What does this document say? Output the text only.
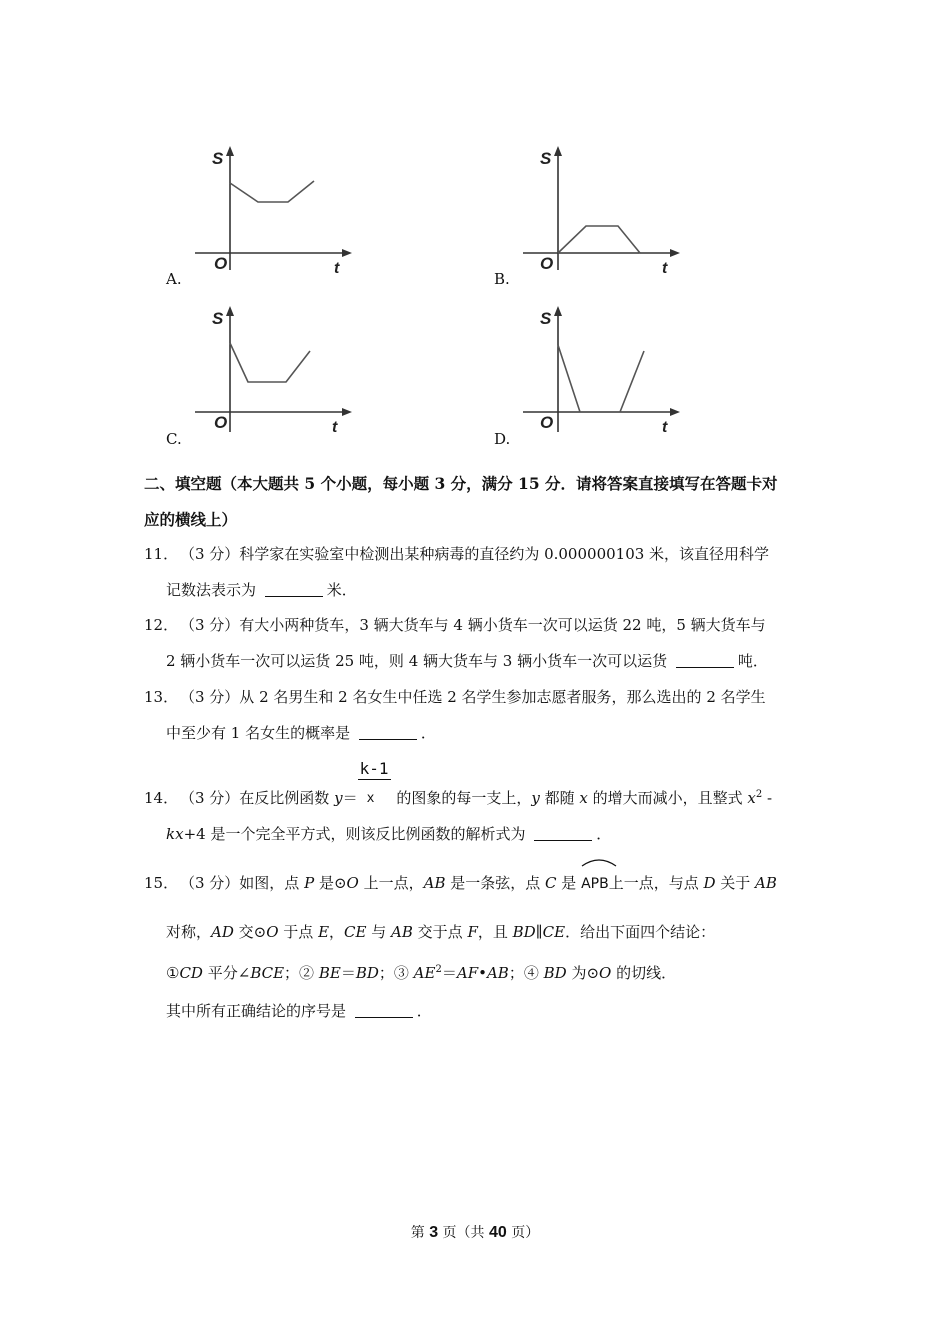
S
O	t
A.
S
O	t
B.
S
O	t
C.
S
O	t
D.
二、填空题（本大题共 5 个小题，每小题 3 分，满分 15 分．请将答案直接填写在答题卡对
应的横线上）
11． （3 分）科学家在实验室中检测出某种病毒的直径约为 0.000000103 米，该直径用科学
记数法表示为	米．
12． （3 分）有大小两种货车，3 辆大货车与 4 辆小货车一次可以运货 22 吨，5 辆大货车与
2 辆小货车一次可以运货 25 吨，则 4 辆大货车与 3 辆小货车一次可以运货	吨．
13． （3 分）从 2 名男生和 2 名女生中任选 2 名学生参加志愿者服务，那么选出的 2 名学生
中至少有 1 名女生的概率是	．
14． （3 分）在反比例函数 $y= \frac{k-1}{x}$ 的图象的每一支上，y 都随 x 的增大而减小，且整式 $x^2$ -
kx+4 是一个完全平方式，则该反比例函数的解析式为	．
15． （3 分）如图，点 P 是⊙O 上一点，AB 是一条弦，点 C 是
APB上一点，与点 D 关于 AB
对称，AD 交⊙O 于点 E，CE 与 AB 交于点 F，且 BD∥CE．给出下面四个结论：
①CD 平分∠BCE；② BE＝BD；③ $AE^2=AF•AB$；④ BD 为⊙O 的切线．
其中所有正确结论的序号是	．
第 3 页（共 40 页）
